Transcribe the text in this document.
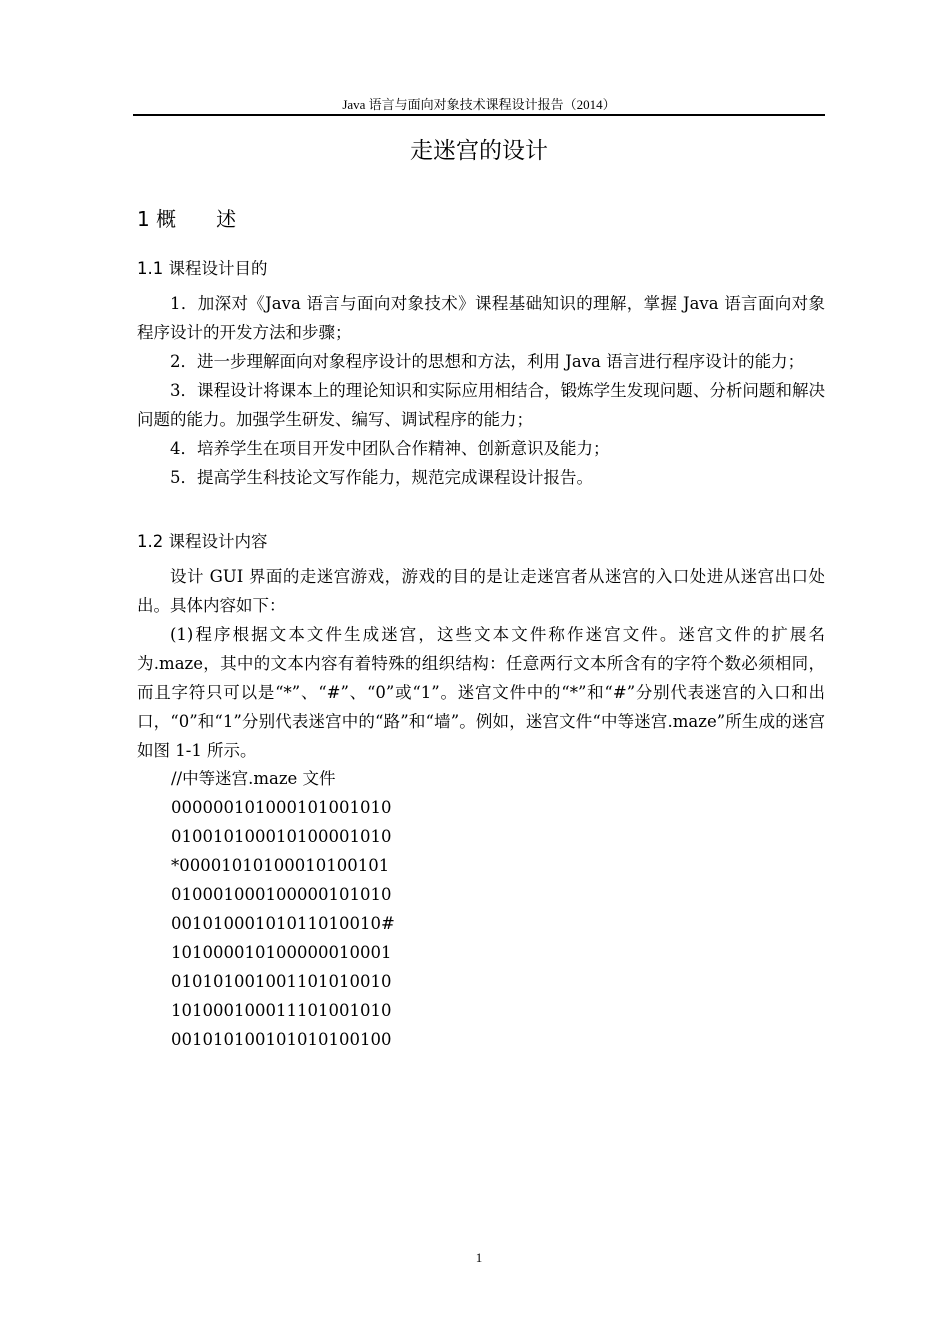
Java 语言与面向对象技术课程设计报告（2014）
走迷宫的设计
1 概　　述
1.1 课程设计目的

1．加深对《Java 语言与面向对象技术》课程基础知识的理解，掌握 Java 语言面向对象程序设计的开发方法和步骤；

2．进一步理解面向对象程序设计的思想和方法，利用 Java 语言进行程序设计的能力；

3．课程设计将课本上的理论知识和实际应用相结合，锻炼学生发现问题、分析问题和解决问题的能力。加强学生研发、编写、调试程序的能力；

4．培养学生在项目开发中团队合作精神、创新意识及能力；

5．提高学生科技论文写作能力，规范完成课程设计报告。

1.2 课程设计内容

设计 GUI 界面的走迷宫游戏，游戏的目的是让走迷宫者从迷宫的入口处进从迷宫出口处出。具体内容如下：

(1)程序根据文本文件生成迷宫，这些文本文件称作迷宫文件。迷宫文件的扩展名为.maze，其中的文本内容有着特殊的组织结构：任意两行文本所含有的字符个数必须相同，而且字符只可以是“*”、“#”、“0”或“1”。迷宫文件中的“*”和“#”分别代表迷宫的入口和出口，“0”和“1”分别代表迷宫中的“路”和“墙”。例如，迷宫文件“中等迷宫.maze”所生成的迷宫如图 1-1 所示。

//中等迷宫.maze 文件
000000101000101001010
010010100010100001010
*00001010100010100101
010001000100000101010
00101000101011010010#
101000010100000010001
010101001001101010010
101000100011101001010
001010100101010100100
1
